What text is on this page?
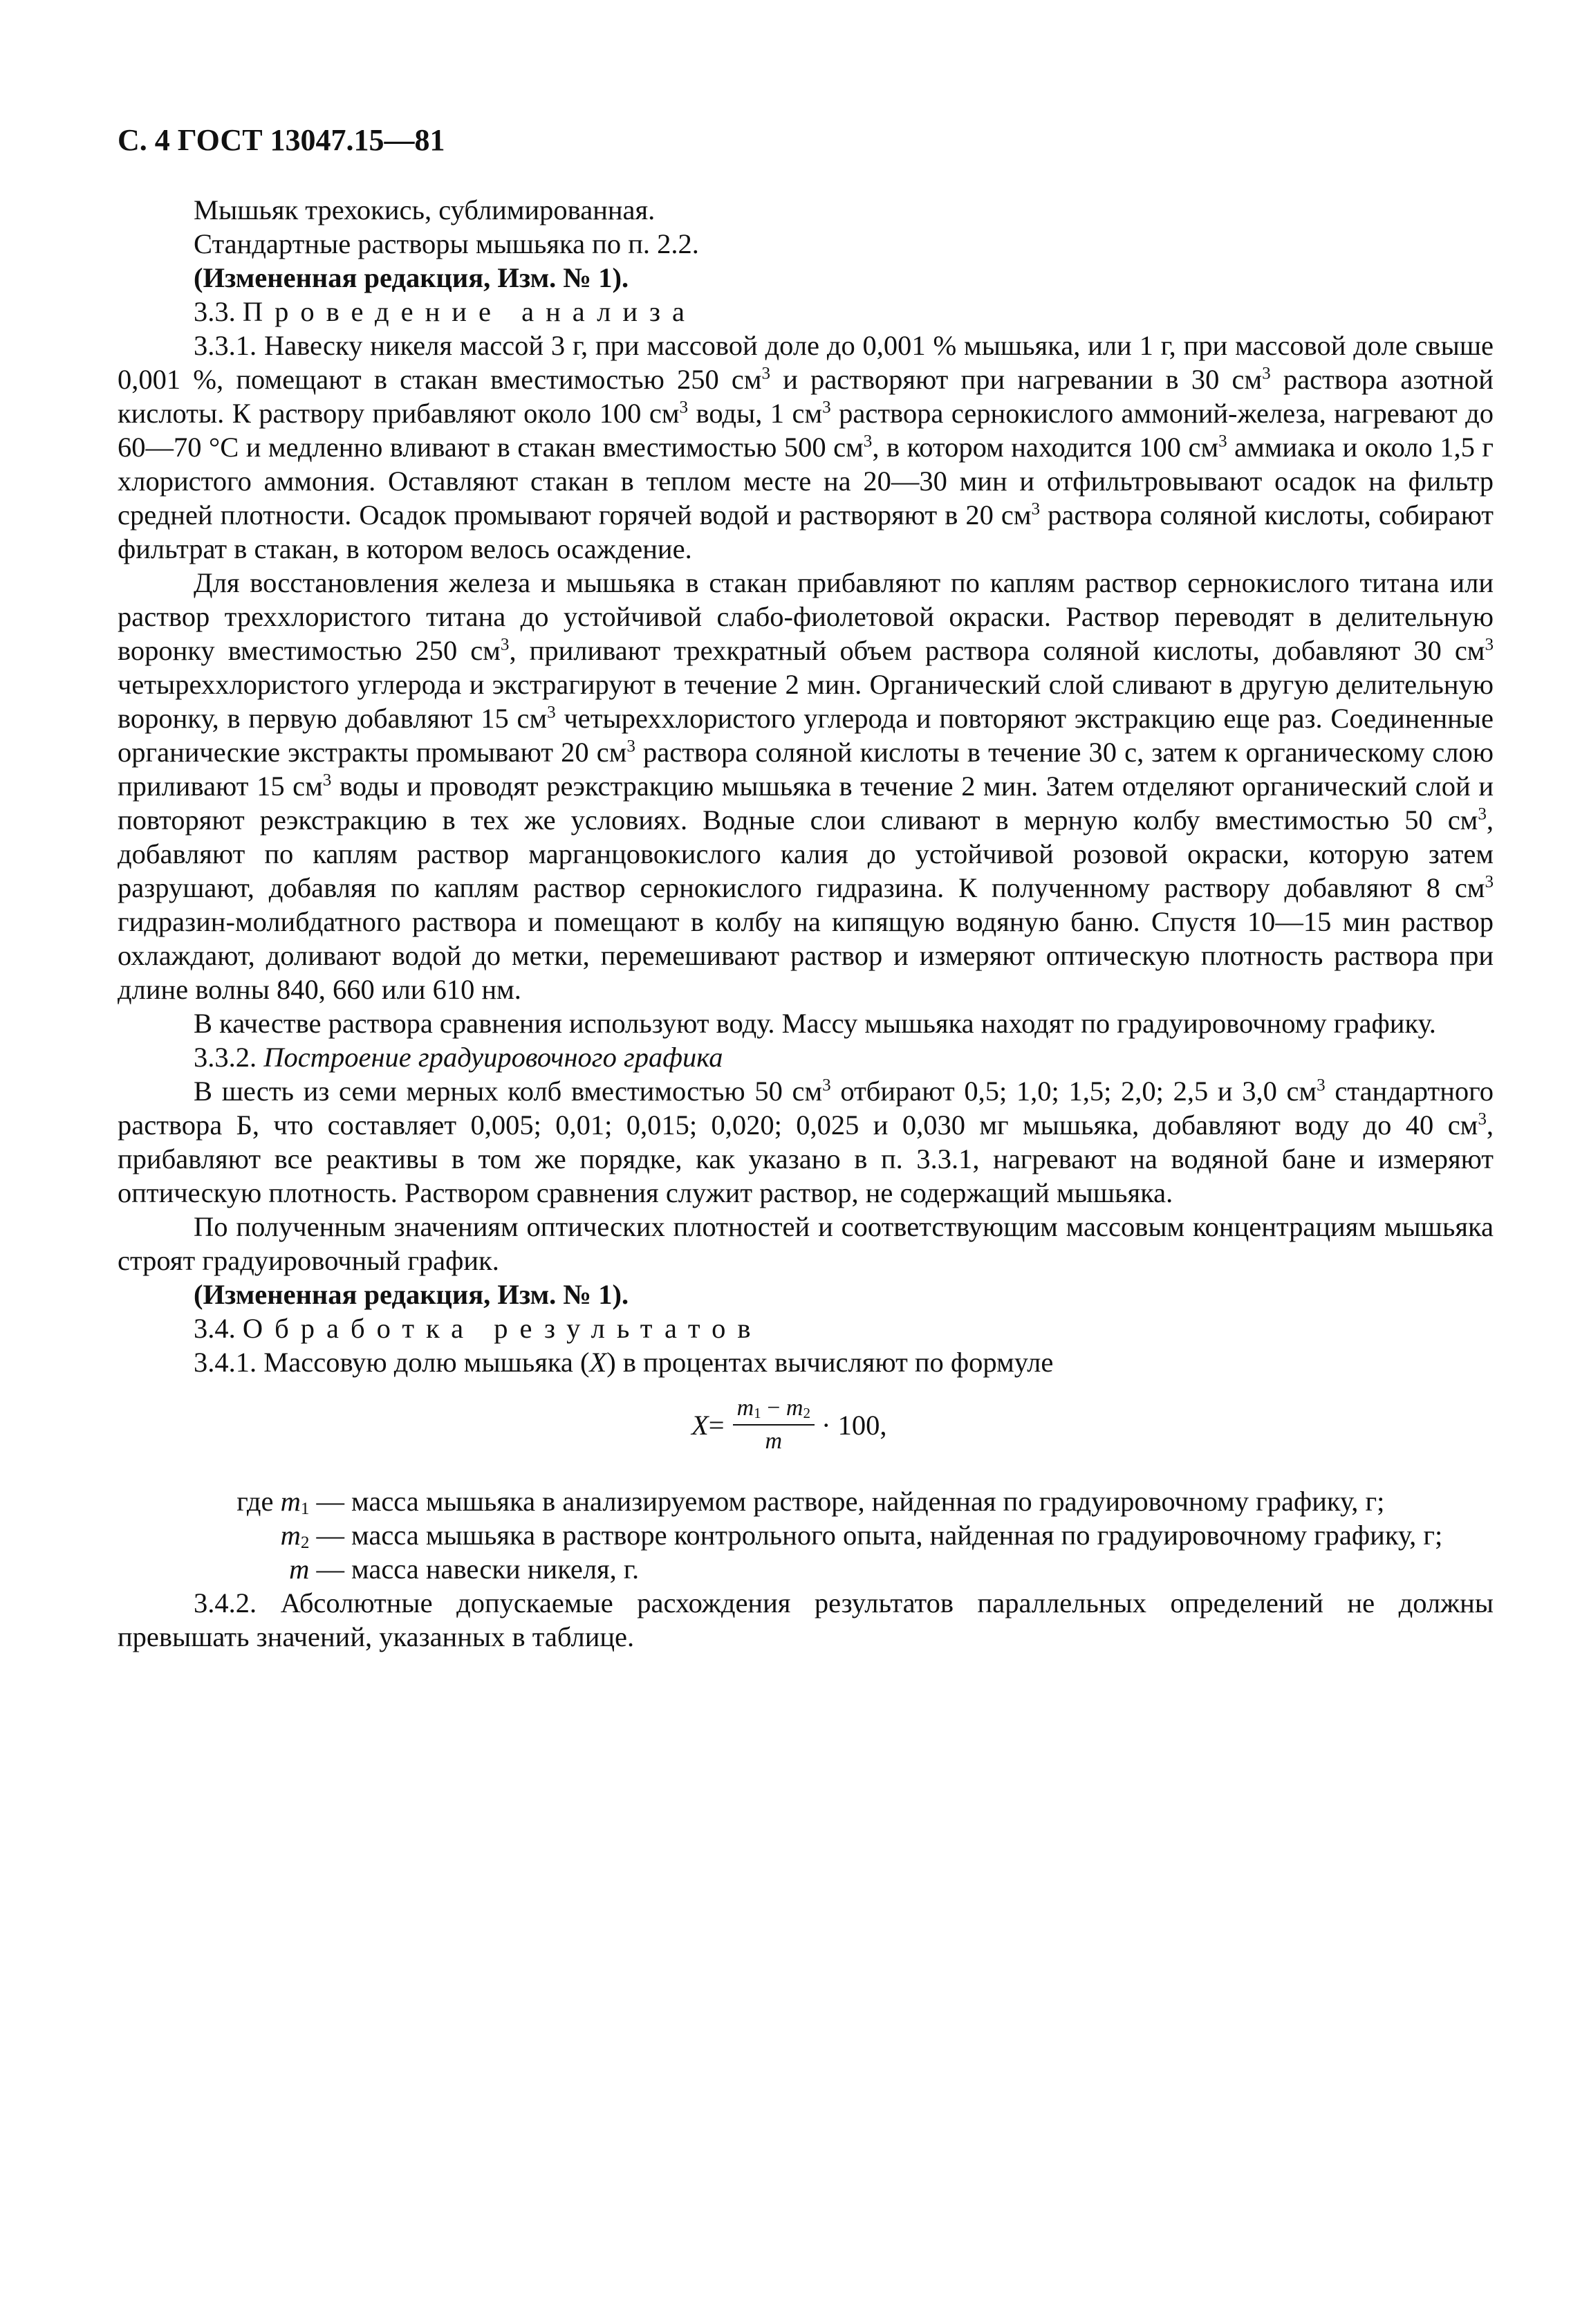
С. 4 ГОСТ 13047.15—81

Мышьяк трехокись, сублимированная.

Стандартные растворы мышьяка по п. 2.2.

(Измененная редакция, Изм. № 1).

3.3. Проведение анализа

3.3.1. Навеску никеля массой 3 г, при массовой доле до 0,001 % мышьяка, или 1 г, при массовой доле свыше 0,001 %, помещают в стакан вместимостью 250 $см^3$ и растворяют при нагревании в 30 $см^3$ раствора азотной кислоты. К раствору прибавляют около 100 $см^3$ воды, 1 $см^3$ раствора сернокислого аммоний-железа, нагревают до 60—70 °С и медленно вливают в стакан вместимостью 500 $см^3$, в котором находится 100 $см^3$ аммиака и около 1,5 г хлористого аммония. Оставляют стакан в теплом месте на 20—30 мин и отфильтровывают осадок на фильтр средней плотности. Осадок промывают горячей водой и растворяют в 20 $см^3$ раствора соляной кислоты, собирают фильтрат в стакан, в котором велось осаждение.

Для восстановления железа и мышьяка в стакан прибавляют по каплям раствор сернокислого титана или раствор треххлористого титана до устойчивой слабо-фиолетовой окраски. Раствор переводят в делительную воронку вместимостью 250 $см^3$, приливают трехкратный объем раствора соляной кислоты, добавляют 30 $см^3$ четыреххлористого углерода и экстрагируют в течение 2 мин. Органический слой сливают в другую делительную воронку, в первую добавляют 15 $см^3$ четыреххлористого углерода и повторяют экстракцию еще раз. Соединенные органические экстракты промывают 20 $см^3$ раствора соляной кислоты в течение 30 с, затем к органическому слою приливают 15 $см^3$ воды и проводят реэкстракцию мышьяка в течение 2 мин. Затем отделяют органический слой и повторяют реэкстракцию в тех же условиях. Водные слои сливают в мерную колбу вместимостью 50 $см^3$, добавляют по каплям раствор марганцовокислого калия до устойчивой розовой окраски, которую затем разрушают, добавляя по каплям раствор сернокислого гидразина. К полученному раствору добавляют 8 $см^3$ гидразин-молибдатного раствора и помещают в колбу на кипящую водяную баню. Спустя 10—15 мин раствор охлаждают, доливают водой до метки, перемешивают раствор и измеряют оптическую плотность раствора при длине волны 840, 660 или 610 нм.

В качестве раствора сравнения используют воду. Массу мышьяка находят по градуировочному графику.

3.3.2. Построение градуировочного графика

В шесть из семи мерных колб вместимостью 50 $см^3$ отбирают 0,5; 1,0; 1,5; 2,0; 2,5 и 3,0 $см^3$ стандартного раствора Б, что составляет 0,005; 0,01; 0,015; 0,020; 0,025 и 0,030 мг мышьяка, добавляют воду до 40 $см^3$, прибавляют все реактивы в том же порядке, как указано в п. 3.3.1, нагревают на водяной бане и измеряют оптическую плотность. Раствором сравнения служит раствор, не содержащий мышьяка.

По полученным значениям оптических плотностей и соответствующим массовым концентрациям мышьяка строят градуировочный график.

(Измененная редакция, Изм. № 1).

3.4. Обработка результатов

3.4.1. Массовую долю мышьяка (X) в процентах вычисляют по формуле

$X = \frac{m_1 - m_2}{m} \cdot 100$,
где $m_1$ — масса мышьяка в анализируемом растворе, найденная по градуировочному графику, г;
$m_2$ — масса мышьяка в растворе контрольного опыта, найденная по градуировочному графику, г;
m — масса навески никеля, г.

3.4.2. Абсолютные допускаемые расхождения результатов параллельных определений не должны превышать значений, указанных в таблице.
